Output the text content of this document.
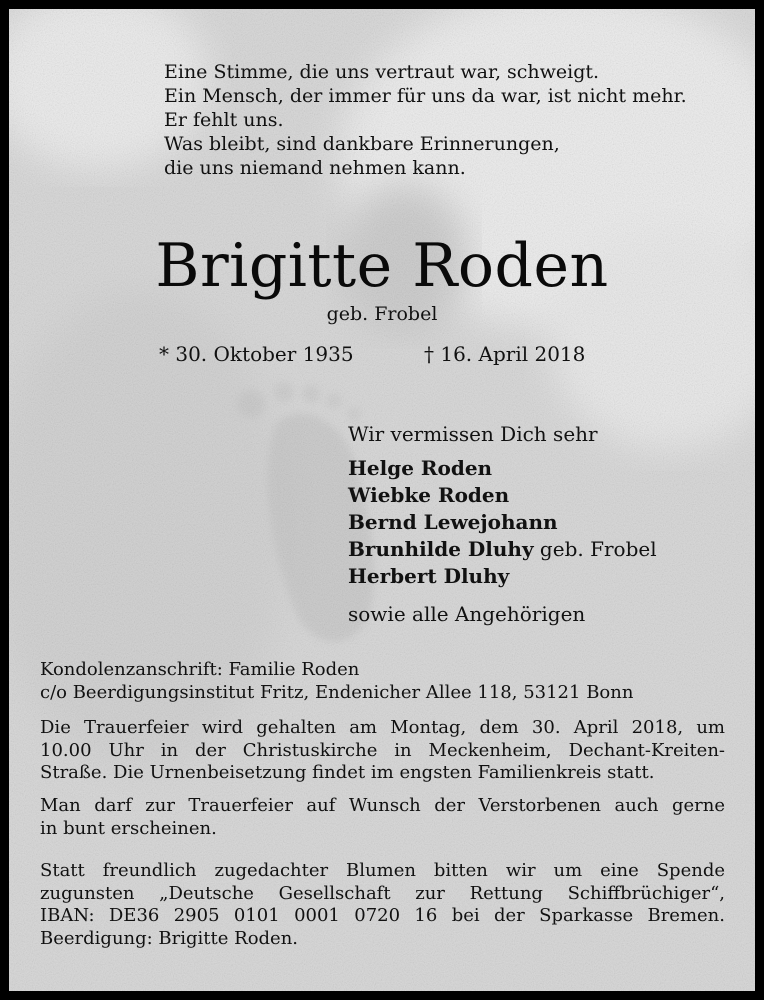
Eine Stimme, die uns vertraut war, schweigt.
Ein Mensch, der immer für uns da war, ist nicht mehr.
Er fehlt uns.
Was bleibt, sind dankbare Erinnerungen,
die uns niemand nehmen kann.
Brigitte Roden
geb. Frobel
* 30. Oktober 1935	† 16. April 2018
Wir vermissen Dich sehr
Helge Roden
Wiebke Roden
Bernd Lewejohann
Brunhilde Dluhy geb. Frobel
Herbert Dluhy
sowie alle Angehörigen
Kondolenzanschrift: Familie Roden
c/o Beerdigungsinstitut Fritz, Endenicher Allee 118, 53121 Bonn
Die Trauerfeier wird gehalten am Montag, dem 30. April 2018, um
10.00 Uhr in der Christuskirche in Meckenheim, Dechant-Kreiten-
Straße. Die Urnenbeisetzung findet im engsten Familienkreis statt.
Man darf zur Trauerfeier auf Wunsch der Verstorbenen auch gerne
in bunt erscheinen.
Statt freundlich zugedachter Blumen bitten wir um eine Spende
zugunsten „Deutsche Gesellschaft zur Rettung Schiffbrüchiger“,
IBAN: DE36 2905 0101 0001 0720 16 bei der Sparkasse Bremen.
Beerdigung: Brigitte Roden.
